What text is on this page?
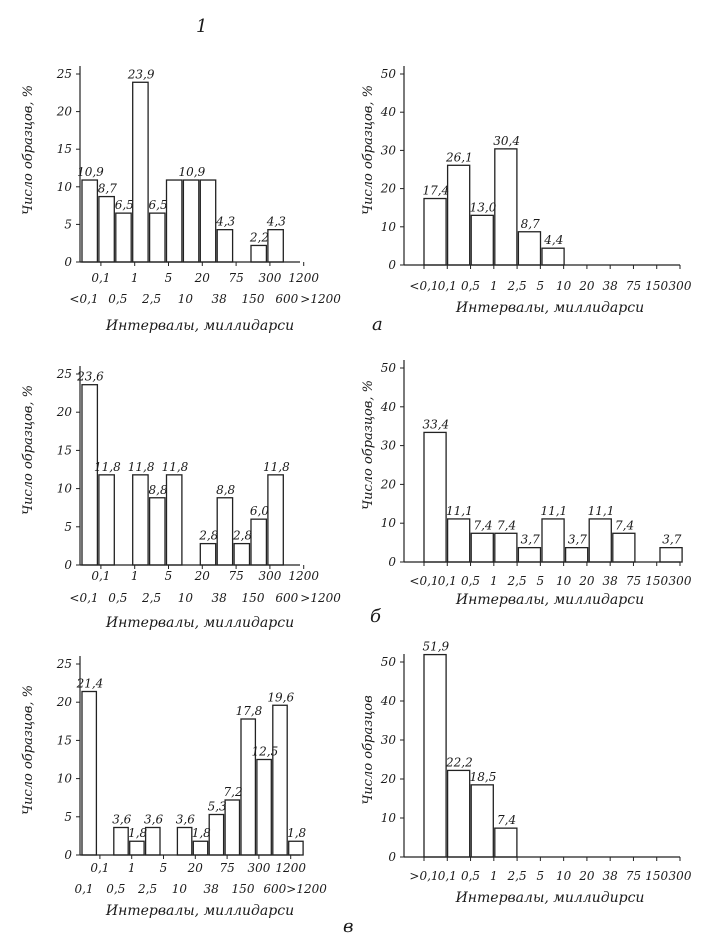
1
а
б
в
0
5
10
15
20
25
Число образцов, %	10,9
8,7
6,5
23,9
6,5
10,9
4,3
2,2
4,3
0,1 1 5 20 75 300 1200
<0,1 0,5 2,5 10 38 150 600 >1200
Интервалы, миллидарси
0
10
20
30
40
50
Число образцов, %	17,4
26,1
13,0
30,4
8,7
4,4
<0,1 0,1 0,5 1 2,5 5 10 20 38 75 150 300
Интервалы, миллидарси
0
5
10
15
20
25
Число образцов, %
23,6
11,8 11,8
8,8
11,8
2,8
8,8
2,8
6,0
11,8
0,1 1 5 20 75 300 1200
<0,1 0,5 2,5 10 38 150 600 >1200
Интервалы, миллидарси
0
10
20
30
40
50
Число образцов, %	33,4
11,1
7,4 7,4
3,7
11,1
3,7
11,1
7,4
3,7
<0,1 0,1 0,5 1 2,5 5 10 20 38 75 150 300
Интервалы, миллидарси
0
5
10
15
20
25
Число образцов, %
21,4
3,6
1,8
3,6 3,6
1,8
5,3
7,2
17,8
12,5
19,6
1,8
0,1 1 5 20 75 300 1200
0,1 0,5 2,5 10 38 150 600 >1200
Интервалы, миллидарси
0
10
20
30
40
50
Число образцов
51,9
22,2
18,5
7,4
>0,1 0,1 0,5 1 2,5 5 10 20 38 75 150 300
Интервалы, миллидирси
